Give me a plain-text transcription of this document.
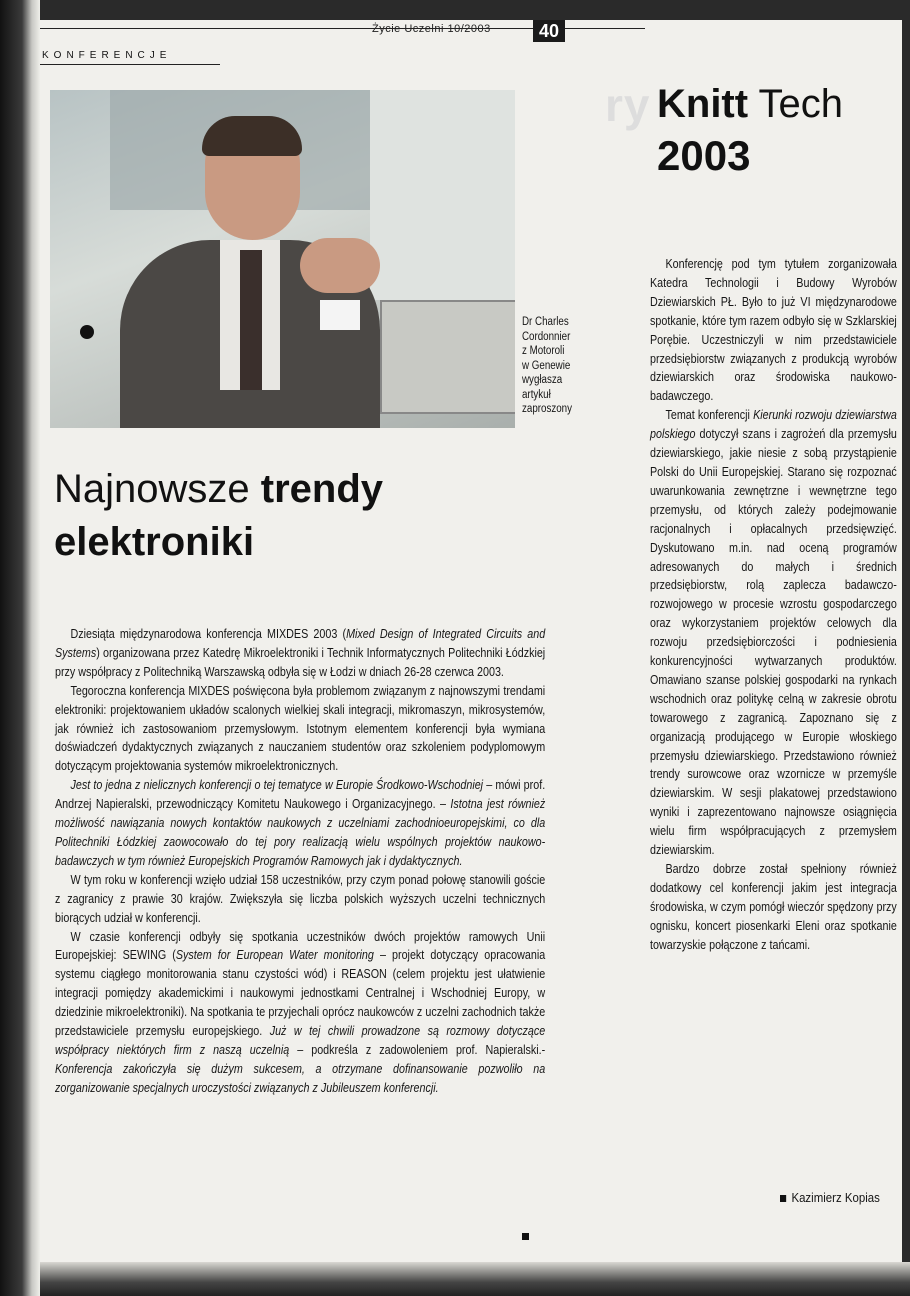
Życie Uczelni 10/2003	40
KONFERENCJE
ry
Dr Charles
Cordonnier
z Motoroli
w Genewie
wygłasza artykuł
zaproszony
Knitt Tech
2003
Najnowsze trendy
elektroniki

Dziesiąta międzynarodowa konferencja MIXDES 2003 (Mixed Design of Integrated Circuits and Systems) organizowana przez Katedrę Mikroelektroniki i Technik Informatycznych Politechniki Łódzkiej przy współpracy z Politechniką Warszawską odbyła się w Łodzi w dniach 26-28 czerwca 2003.

Tegoroczna konferencja MIXDES poświęcona była problemom związanym z najnowszymi trendami elektroniki: projektowaniem układów scalonych wielkiej skali integracji, mikromaszyn, mikrosystemów, jak również ich zastosowaniom przemysłowym. Istotnym elementem konferencji była wymiana doświadczeń dydaktycznych związanych z nauczaniem studentów oraz szkoleniem podyplomowym dotyczącym projektowania systemów mikroelektronicznych.

Jest to jedna z nielicznych konferencji o tej tematyce w Europie Środkowo-Wschodniej – mówi prof. Andrzej Napieralski, przewodniczący Komitetu Naukowego i Organizacyjnego. – Istotna jest również możliwość nawiązania nowych kontaktów naukowych z uczelniami zachodnioeuropejskimi, co dla Politechniki Łódzkiej zaowocowało do tej pory realizacją wielu wspólnych projektów naukowo-badawczych w tym również Europejskich Programów Ramowych jak i dydaktycznych.

W tym roku w konferencji wzięło udział 158 uczestników, przy czym ponad połowę stanowili goście z zagranicy z prawie 30 krajów. Zwiększyła się liczba polskich wyższych uczelni technicznych biorących udział w konferencji.

W czasie konferencji odbyły się spotkania uczestników dwóch projektów ramowych Unii Europejskiej: SEWING (System for European Water monitoring – projekt dotyczący opracowania systemu ciągłego monitorowania stanu czystości wód) i REASON (celem projektu jest ułatwienie integracji pomiędzy akademickimi i naukowymi jednostkami Centralnej i Wschodniej Europy, w dziedzinie mikroelektroniki). Na spotkania te przyjechali oprócz naukowców z uczelni zachodnich także przedstawiciele przemysłu europejskiego. Już w tej chwili prowadzone są rozmowy dotyczące współpracy niektórych firm z naszą uczelnią – podkreśla z zadowoleniem prof. Napieralski.- Konferencja zakończyła się dużym sukcesem, a otrzymane dofinansowanie pozwoliło na zorganizowanie specjalnych uroczystości związanych z Jubileuszem konferencji.

Konferencję pod tym tytułem zorganizowała Katedra Technologii i Budowy Wyrobów Dziewiarskich PŁ. Było to już VI międzynarodowe spotkanie, które tym razem odbyło się w Szklarskiej Porębie. Uczestniczyli w nim przedstawiciele przedsiębiorstw związanych z produkcją wyrobów dziewiarskich oraz środowiska naukowo-badawczego.

Temat konferencji Kierunki rozwoju dziewiarstwa polskiego dotyczył szans i zagrożeń dla przemysłu dziewiarskiego, jakie niesie z sobą przystąpienie Polski do Unii Europejskiej. Starano się rozpoznać uwarunkowania zewnętrzne i wewnętrzne tego przemysłu, od których zależy podejmowanie racjonalnych i opłacalnych przedsięwzięć. Dyskutowano m.in. nad oceną programów adresowanych do małych i średnich przedsiębiorstw, rolą zaplecza badawczo-rozwojowego w procesie wzrostu gospodarczego oraz wykorzystaniem projektów celowych dla rozwoju przedsiębiorczości i podniesienia konkurencyjności wytwarzanych produktów. Omawiano szanse polskiej gospodarki na rynkach wschodnich oraz politykę celną w zakresie obrotu towarowego z zagranicą. Zapoznano się z organizacją prodującego w Europie włoskiego przemysłu dziewiarskiego. Przedstawiono również trendy surowcowe oraz wzornicze w przemyśle dziewiarskim. W sesji plakatowej przedstawiono wyniki i zaprezentowano najnowsze osiągnięcia wielu firm współpracujących z przemysłem dziewiarskim.

Bardzo dobrze został spełniony również dodatkowy cel konferencji jakim jest integracja środowiska, w czym pomógł wieczór spędzony przy ognisku, koncert piosenkarki Eleni oraz spotkanie towarzyskie połączone z tańcami.

Kazimierz Kopias
